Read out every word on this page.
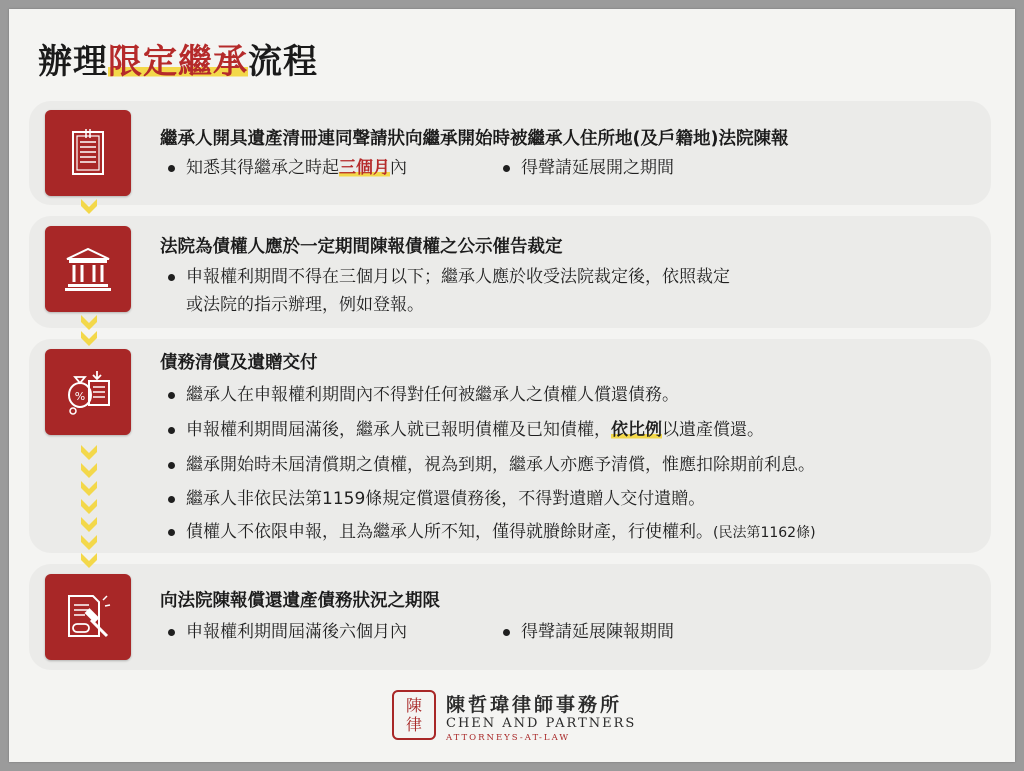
辦理限定繼承流程
%
繼承人開具遺產清冊連同聲請狀向繼承開始時被繼承人住所地(及戶籍地)法院陳報
知悉其得繼承之時起三個月內	得聲請延展開之期間
法院為債權人應於一定期間陳報債權之公示催告裁定
申報權利期間不得在三個月以下；繼承人應於收受法院裁定後，依照裁定
或法院的指示辦理，例如登報。
債務清償及遺贈交付
繼承人在申報權利期間內不得對任何被繼承人之債權人償還債務。
申報權利期間屆滿後，繼承人就已報明債權及已知債權，依比例以遺產償還。
繼承開始時未屆清償期之債權，視為到期，繼承人亦應予清償，惟應扣除期前利息。
繼承人非依民法第1159條規定償還債務後，不得對遺贈人交付遺贈。
債權人不依限申報，且為繼承人所不知，僅得就賸餘財產，行使權利。(民法第1162條)
向法院陳報償還遺產債務狀況之期限
申報權利期間屆滿後六個月內	得聲請延展陳報期間
陳
律
陳哲瑋律師事務所
CHEN AND PARTNERS
ATTORNEYS-AT-LAW
